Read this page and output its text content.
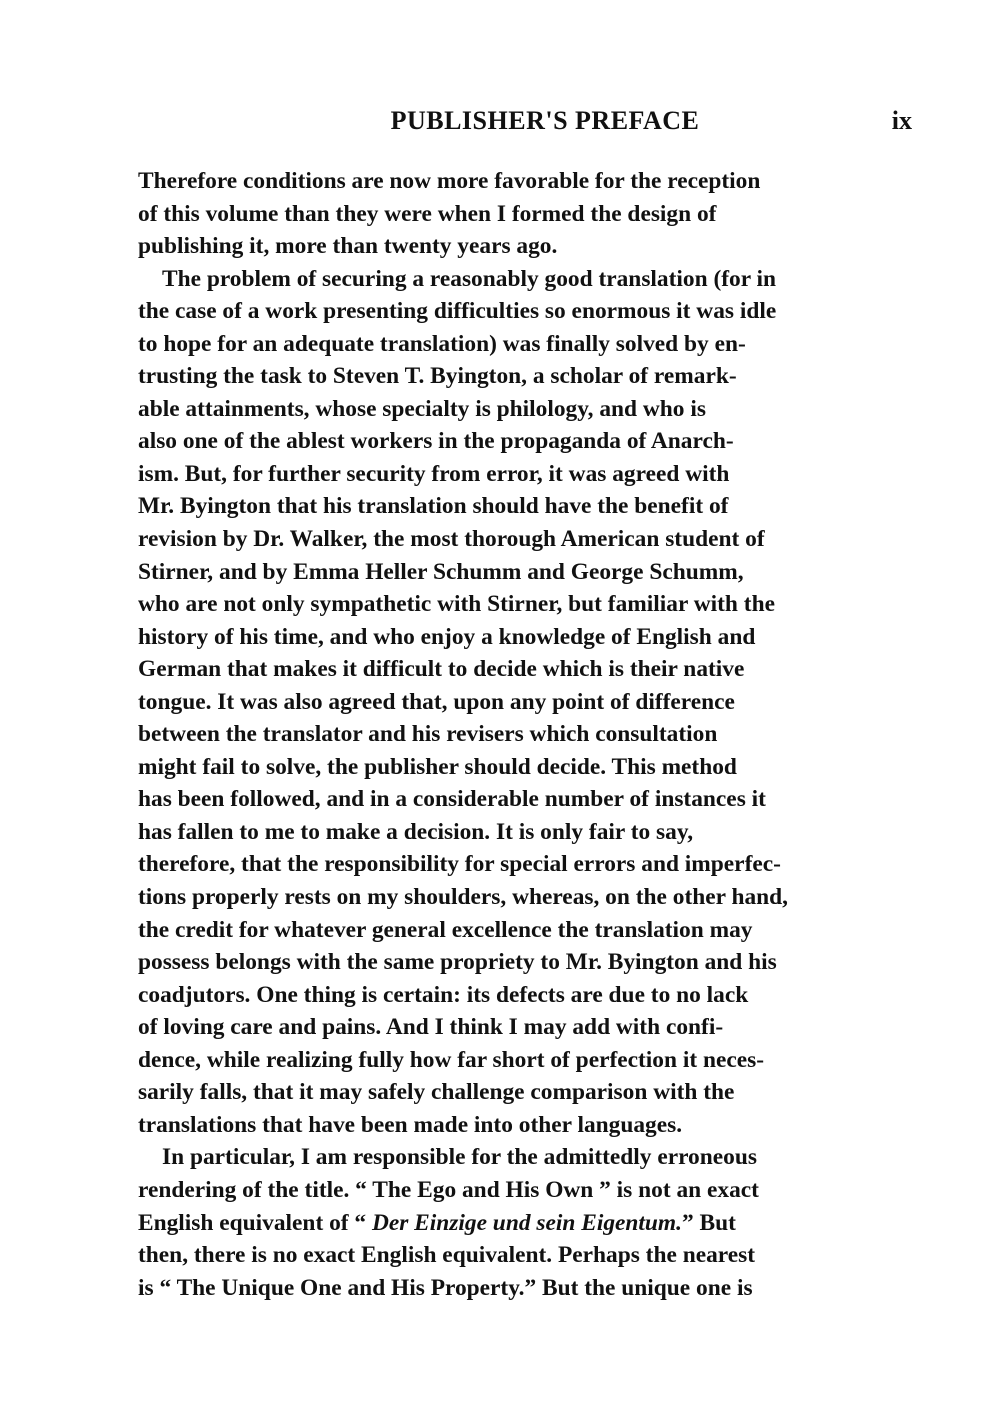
PUBLISHER'S PREFACE	ix
Therefore conditions are now more favorable for the reception
of this volume than they were when I formed the design of
publishing it, more than twenty years ago.
The problem of securing a reasonably good translation (for in
the case of a work presenting difficulties so enormous it was idle
to hope for an adequate translation) was finally solved by en-
trusting the task to Steven T. Byington, a scholar of remark-
able attainments, whose specialty is philology, and who is
also one of the ablest workers in the propaganda of Anarch-
ism. But, for further security from error, it was agreed with
Mr. Byington that his translation should have the benefit of
revision by Dr. Walker, the most thorough American student of
Stirner, and by Emma Heller Schumm and George Schumm,
who are not only sympathetic with Stirner, but familiar with the
history of his time, and who enjoy a knowledge of English and
German that makes it difficult to decide which is their native
tongue. It was also agreed that, upon any point of difference
between the translator and his revisers which consultation
might fail to solve, the publisher should decide. This method
has been followed, and in a considerable number of instances it
has fallen to me to make a decision. It is only fair to say,
therefore, that the responsibility for special errors and imperfec-
tions properly rests on my shoulders, whereas, on the other hand,
the credit for whatever general excellence the translation may
possess belongs with the same propriety to Mr. Byington and his
coadjutors. One thing is certain: its defects are due to no lack
of loving care and pains. And I think I may add with confi-
dence, while realizing fully how far short of perfection it neces-
sarily falls, that it may safely challenge comparison with the
translations that have been made into other languages.
In particular, I am responsible for the admittedly erroneous
rendering of the title. “ The Ego and His Own ” is not an exact
English equivalent of “ Der Einzige und sein Eigentum.” But
then, there is no exact English equivalent. Perhaps the nearest
is “ The Unique One and His Property.” But the unique one is
